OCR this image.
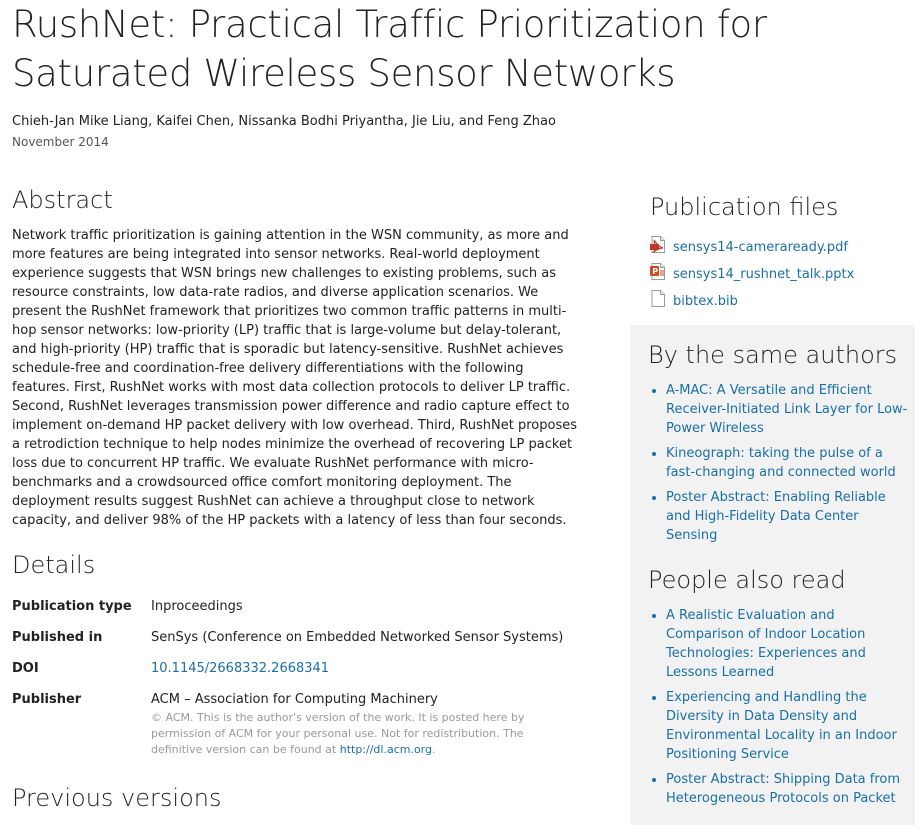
RushNet: Practical Traffic Prioritization for Saturated Wireless Sensor Networks

Chieh-Jan Mike Liang, Kaifei Chen, Nissanka Bodhi Priyantha, Jie Liu, and Feng Zhao

November 2014

Abstract

Network traffic prioritization is gaining attention in the WSN community, as more and more features are being integrated into sensor networks. Real-world deployment experience suggests that WSN brings new challenges to existing problems, such as resource constraints, low data-rate radios, and diverse application scenarios. We present the RushNet framework that prioritizes two common traffic patterns in multi-hop sensor networks: low-priority (LP) traffic that is large-volume but delay-tolerant, and high-priority (HP) traffic that is sporadic but latency-sensitive. RushNet achieves schedule-free and coordination-free delivery differentiations with the following features. First, RushNet works with most data collection protocols to deliver LP traffic. Second, RushNet leverages transmission power difference and radio capture effect to implement on-demand HP packet delivery with low overhead. Third, RushNet proposes a retrodiction technique to help nodes minimize the overhead of recovering LP packet loss due to concurrent HP traffic. We evaluate RushNet performance with micro-benchmarks and a crowdsourced office comfort monitoring deployment. The deployment results suggest RushNet can achieve a throughput close to network capacity, and deliver 98% of the HP packets with a latency of less than four seconds.

Details
Publication type Inproceedings
Published in	SenSys (Conference on Embedded Networked Sensor Systems)
DOI	10.1145/2668332.2668341
Publisher	ACM – Association for Computing Machinery
© ACM. This is the author's version of the work. It is posted here by permission of ACM for your personal use. Not for redistribution. The definitive version can be found at http://dl.acm.org.
Previous versions
Publication files
sensys14-cameraready.pdf
P sensys14_rushnet_talk.pptx
bibtex.bib
By the same authors
• A-MAC: A Versatile and Efficient Receiver-Initiated Link Layer for Low-Power Wireless
• Kineograph: taking the pulse of a fast-changing and connected world
• Poster Abstract: Enabling Reliable and High-Fidelity Data Center Sensing
People also read
• A Realistic Evaluation and Comparison of Indoor Location Technologies: Experiences and Lessons Learned
• Experiencing and Handling the Diversity in Data Density and Environmental Locality in an Indoor Positioning Service
• Poster Abstract: Shipping Data from Heterogeneous Protocols on Packet
